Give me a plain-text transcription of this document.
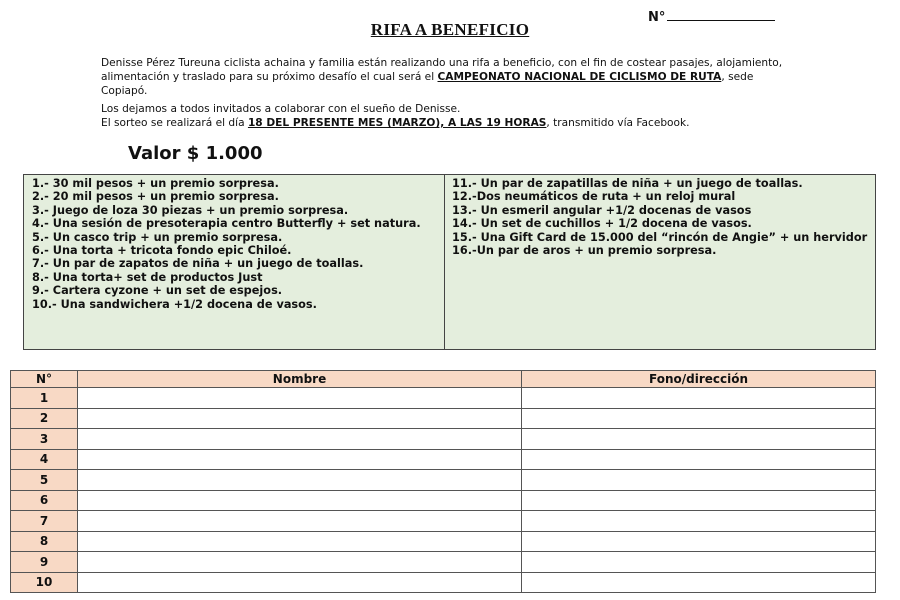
RIFA A BENEFICIO
N°

Denisse Pérez Tureuna ciclista achaina y familia están realizando una rifa a beneficio, con el fin de costear pasajes, alojamiento, alimentación y traslado para su próximo desafío el cual será el CAMPEONATO NACIONAL DE CICLISMO DE RUTA, sede Copiapó.

Los dejamos a todos invitados a colaborar con el sueño de Denisse.
El sorteo se realizará el día 18 DEL PRESENTE MES (MARZO), A LAS 19 HORAS, transmitido vía Facebook.

Valor $ 1.000
1.- 30 mil pesos + un premio sorpresa.
2.- 20 mil pesos + un premio sorpresa.
3.- Juego de loza 30 piezas + un premio sorpresa.
4.- Una sesión de presoterapia centro Butterfly + set natura.
5.- Un casco trip + un premio sorpresa.
6.- Una torta + tricota fondo epic Chiloé.
7.- Un par de zapatos de niña + un juego de toallas.
8.- Una torta+ set de productos Just
9.- Cartera cyzone + un set de espejos.
10.- Una sandwichera +1/2 docena de vasos.
11.- Un par de zapatillas de niña + un juego de toallas.
12.-Dos neumáticos de ruta + un reloj mural
13.- Un esmeril angular +1/2 docenas de vasos
14.- Un set de cuchillos + 1/2 docena de vasos.
15.- Una Gift Card de 15.000 del “rincón de Angie” + un hervidor
16.-Un par de aros + un premio sorpresa.
N°	Nombre	Fono/dirección
1		
2		
3		
4		
5		
6		
7		
8		
9		
10		
